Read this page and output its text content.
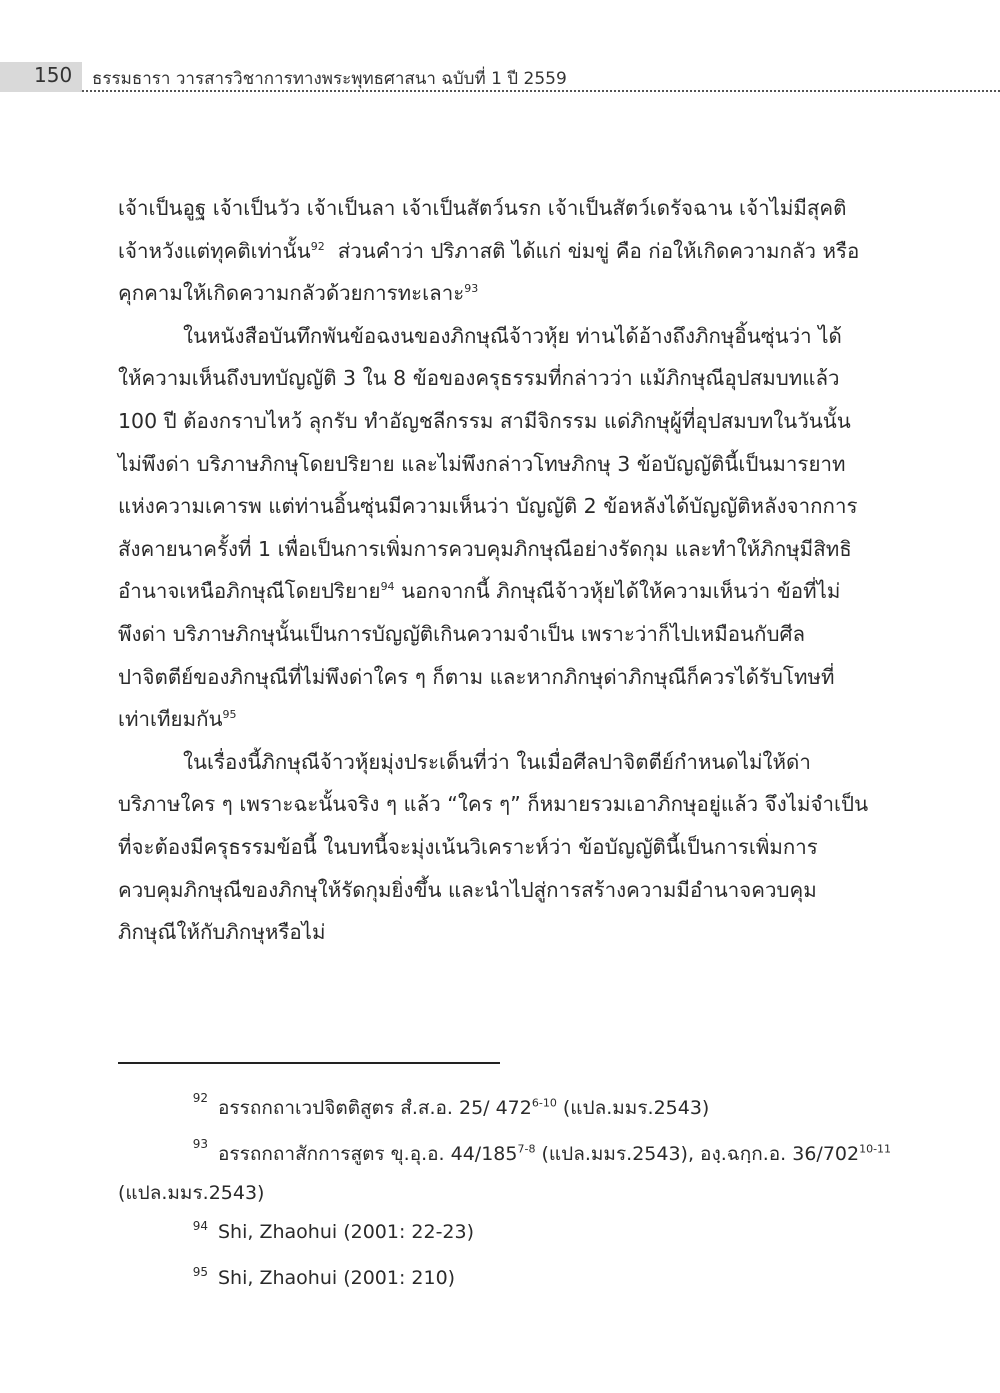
150 ธรรมธารา วารสารวิชาการทางพระพุทธศาสนา ฉบับที่ 1 ปี 2559
เจ้าเป็นอูฐ เจ้าเป็นวัว เจ้าเป็นลา เจ้าเป็นสัตว์นรก เจ้าเป็นสัตว์เดรัจฉาน เจ้าไม่มีสุคติ
เจ้าหวังแต่ทุคติเท่านั้น$^{92}$  ส่วนคำว่า ปริภาสติ ได้แก่ ข่มขู่ คือ ก่อให้เกิดความกลัว หรือ
คุกคามให้เกิดความกลัวด้วยการทะเลาะ$^{93}$
ในหนังสือบันทึกพันข้อฉงนของภิกษุณีจ้าวหุ้ย ท่านได้อ้างถึงภิกษุอิ้นซุ่นว่า ได้
ให้ความเห็นถึงบทบัญญัติ 3 ใน 8 ข้อของครุธรรมที่กล่าวว่า แม้ภิกษุณีอุปสมบทแล้ว
100 ปี ต้องกราบไหว้ ลุกรับ ทำอัญชลีกรรม สามีจิกรรม แด่ภิกษุผู้ที่อุปสมบทในวันนั้น
ไม่พึงด่า บริภาษภิกษุโดยปริยาย และไม่พึงกล่าวโทษภิกษุ 3 ข้อบัญญัตินี้เป็นมารยาท
แห่งความเคารพ แต่ท่านอิ้นซุ่นมีความเห็นว่า บัญญัติ 2 ข้อหลังได้บัญญัติหลังจากการ
สังคายนาครั้งที่ 1 เพื่อเป็นการเพิ่มการควบคุมภิกษุณีอย่างรัดกุม และทำให้ภิกษุมีสิทธิ
อำนาจเหนือภิกษุณีโดยปริยาย$^{94}$ นอกจากนี้ ภิกษุณีจ้าวหุ้ยได้ให้ความเห็นว่า ข้อที่ไม่
พึงด่า บริภาษภิกษุนั้นเป็นการบัญญัติเกินความจำเป็น เพราะว่าก็ไปเหมือนกับศีล
ปาจิตตีย์ของภิกษุณีที่ไม่พึงด่าใคร ๆ ก็ตาม และหากภิกษุด่าภิกษุณีก็ควรได้รับโทษที่
เท่าเทียมกัน$^{95}$
ในเรื่องนี้ภิกษุณีจ้าวหุ้ยมุ่งประเด็นที่ว่า ในเมื่อศีลปาจิตตีย์กำหนดไม่ให้ด่า
บริภาษใคร ๆ เพราะฉะนั้นจริง ๆ แล้ว “ใคร ๆ” ก็หมายรวมเอาภิกษุอยู่แล้ว จึงไม่จำเป็น
ที่จะต้องมีครุธรรมข้อนี้ ในบทนี้จะมุ่งเน้นวิเคราะห์ว่า ข้อบัญญัตินี้เป็นการเพิ่มการ
ควบคุมภิกษุณีของภิกษุให้รัดกุมยิ่งขึ้น และนำไปสู่การสร้างความมีอำนาจควบคุม
ภิกษุณีให้กับภิกษุหรือไม่
92 อรรถกถาเวปจิตติสูตร สํ.ส.อ. 25/ 472$^{6-10}$ (แปล.มมร.2543)
93 อรรถกถาสักการสูตร ขุ.อุ.อ. 44/185$^{7-8}$ (แปล.มมร.2543), องฺ.ฉกฺก.อ. 36/702$^{10-11}$
(แปล.มมร.2543)
94 Shi, Zhaohui (2001: 22-23)
95 Shi, Zhaohui (2001: 210)
